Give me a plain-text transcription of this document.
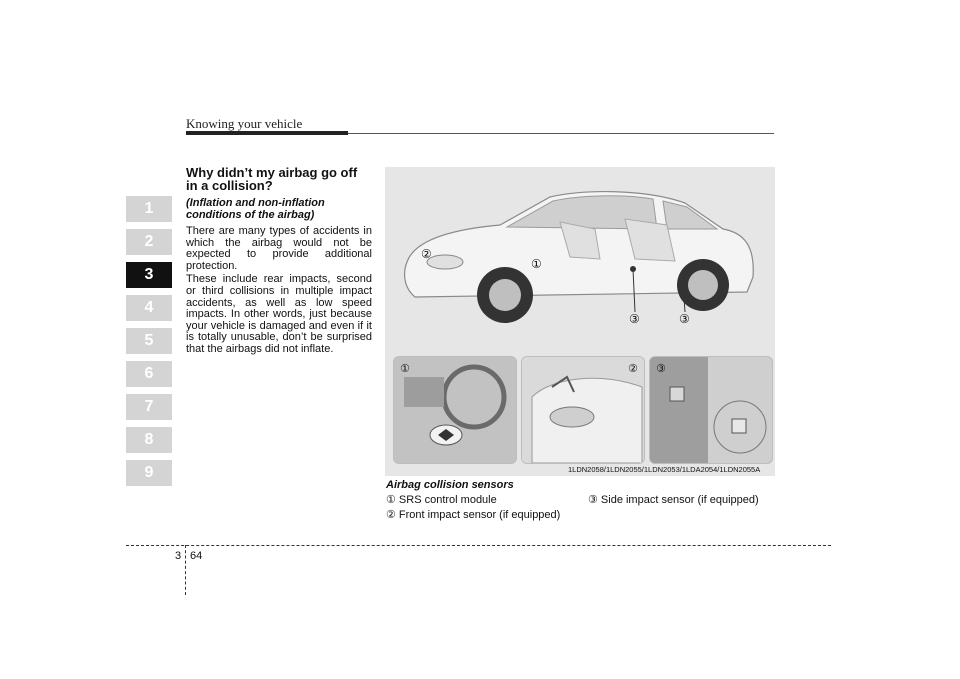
Knowing your vehicle
1
2
3
4
5
6
7
8
9

Why didn’t my airbag go off in a collision?

(Inflation and non-inflation conditions of the airbag)

There are many types of accidents in which the airbag would not be expected to provide additional protection.

These include rear impacts, second or third collisions in multiple impact accidents, as well as low speed impacts. In other words, just because your vehicle is damaged and even if it is totally unusable, don’t be surprised that the airbags did not inflate.

②
①
③	③
①	② ③
1LDN2058/1LDN2055/1LDN2053/1LDA2054/1LDN2055A
Airbag collision sensors
① SRS control module
② Front impact sensor (if equipped)
③ Side impact sensor (if equipped)
3 64
